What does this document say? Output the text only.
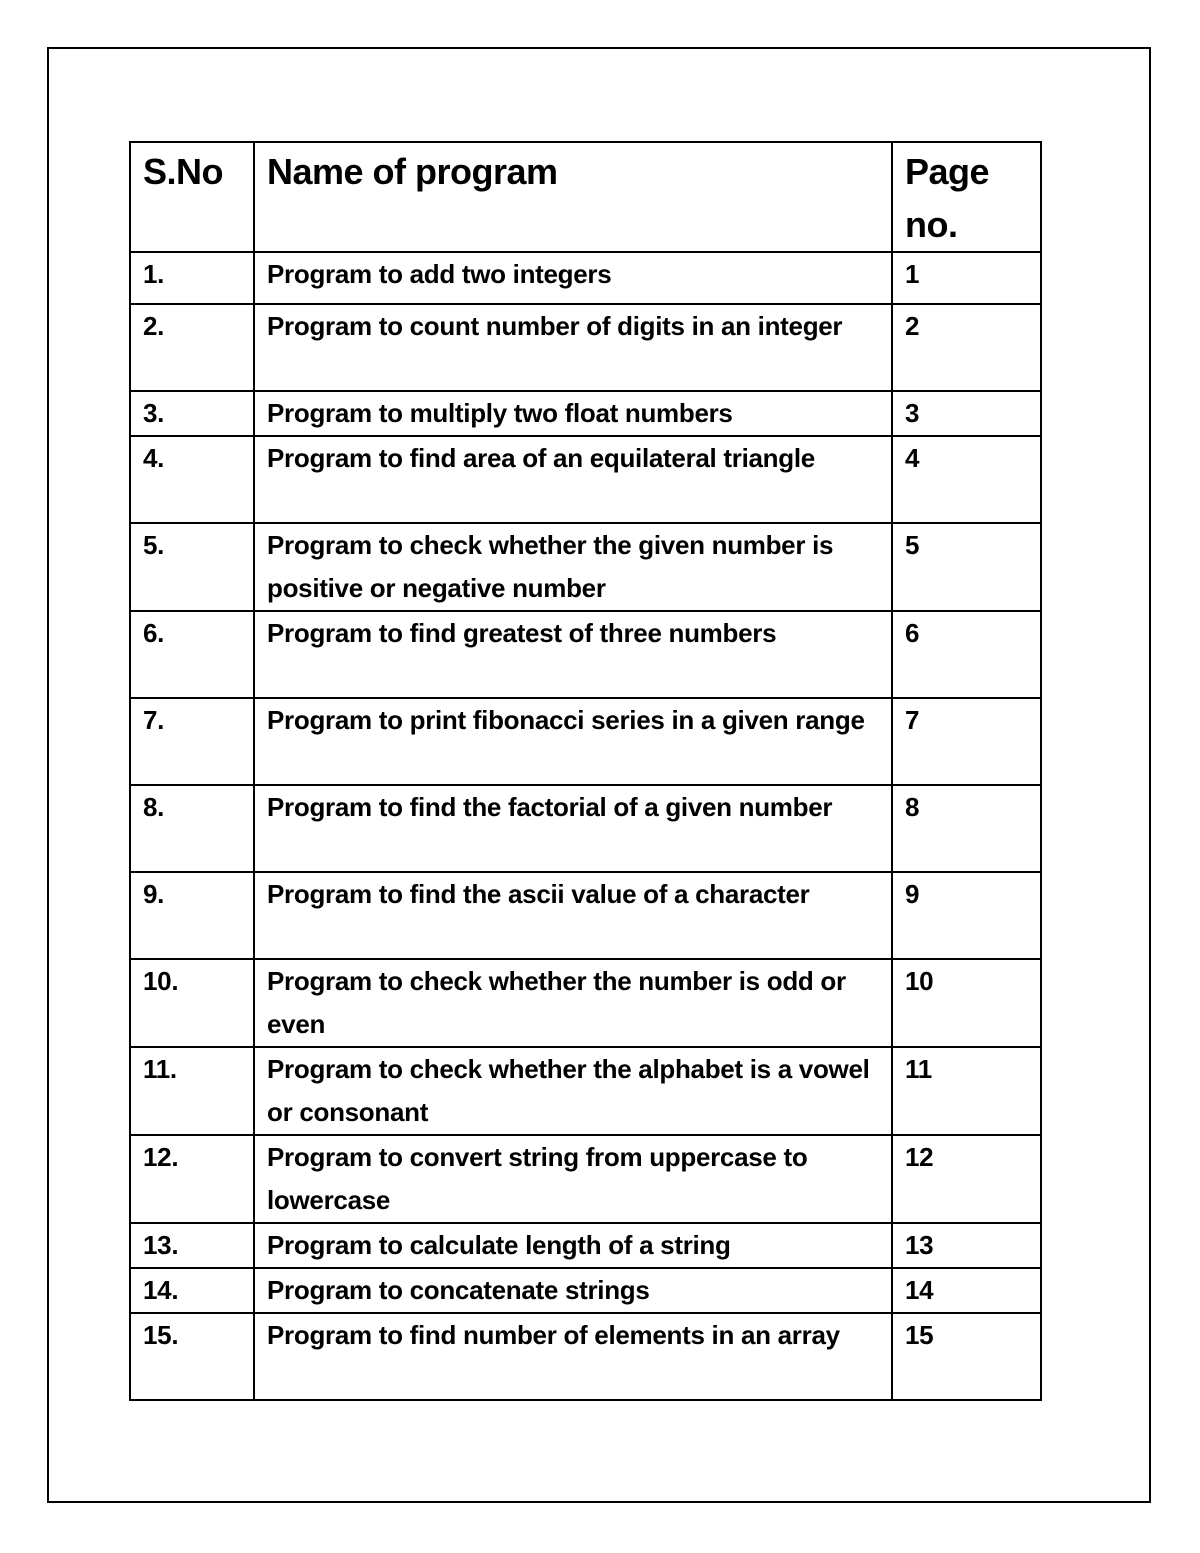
S.No	Name of program	Page no.
1.	Program to add two integers	1
2.	Program to count number of digits in an integer	2
3.	Program to multiply two float numbers	3
4.	Program to find area of an equilateral triangle	4
5.	Program to check whether the given number is positive or negative number	5
6.	Program to find greatest of three numbers	6
7.	Program to print fibonacci series in a given range	7
8.	Program to find the factorial of a given number	8
9.	Program to find the ascii value of a character	9
10.	Program to check whether the number is odd or even	10
11.	Program to check whether the alphabet is a vowel or consonant	11
12.	Program to convert string from uppercase to lowercase	12
13.	Program to calculate length of a string	13
14.	Program to concatenate strings	14
15.	Program to find number of elements in an array	15
